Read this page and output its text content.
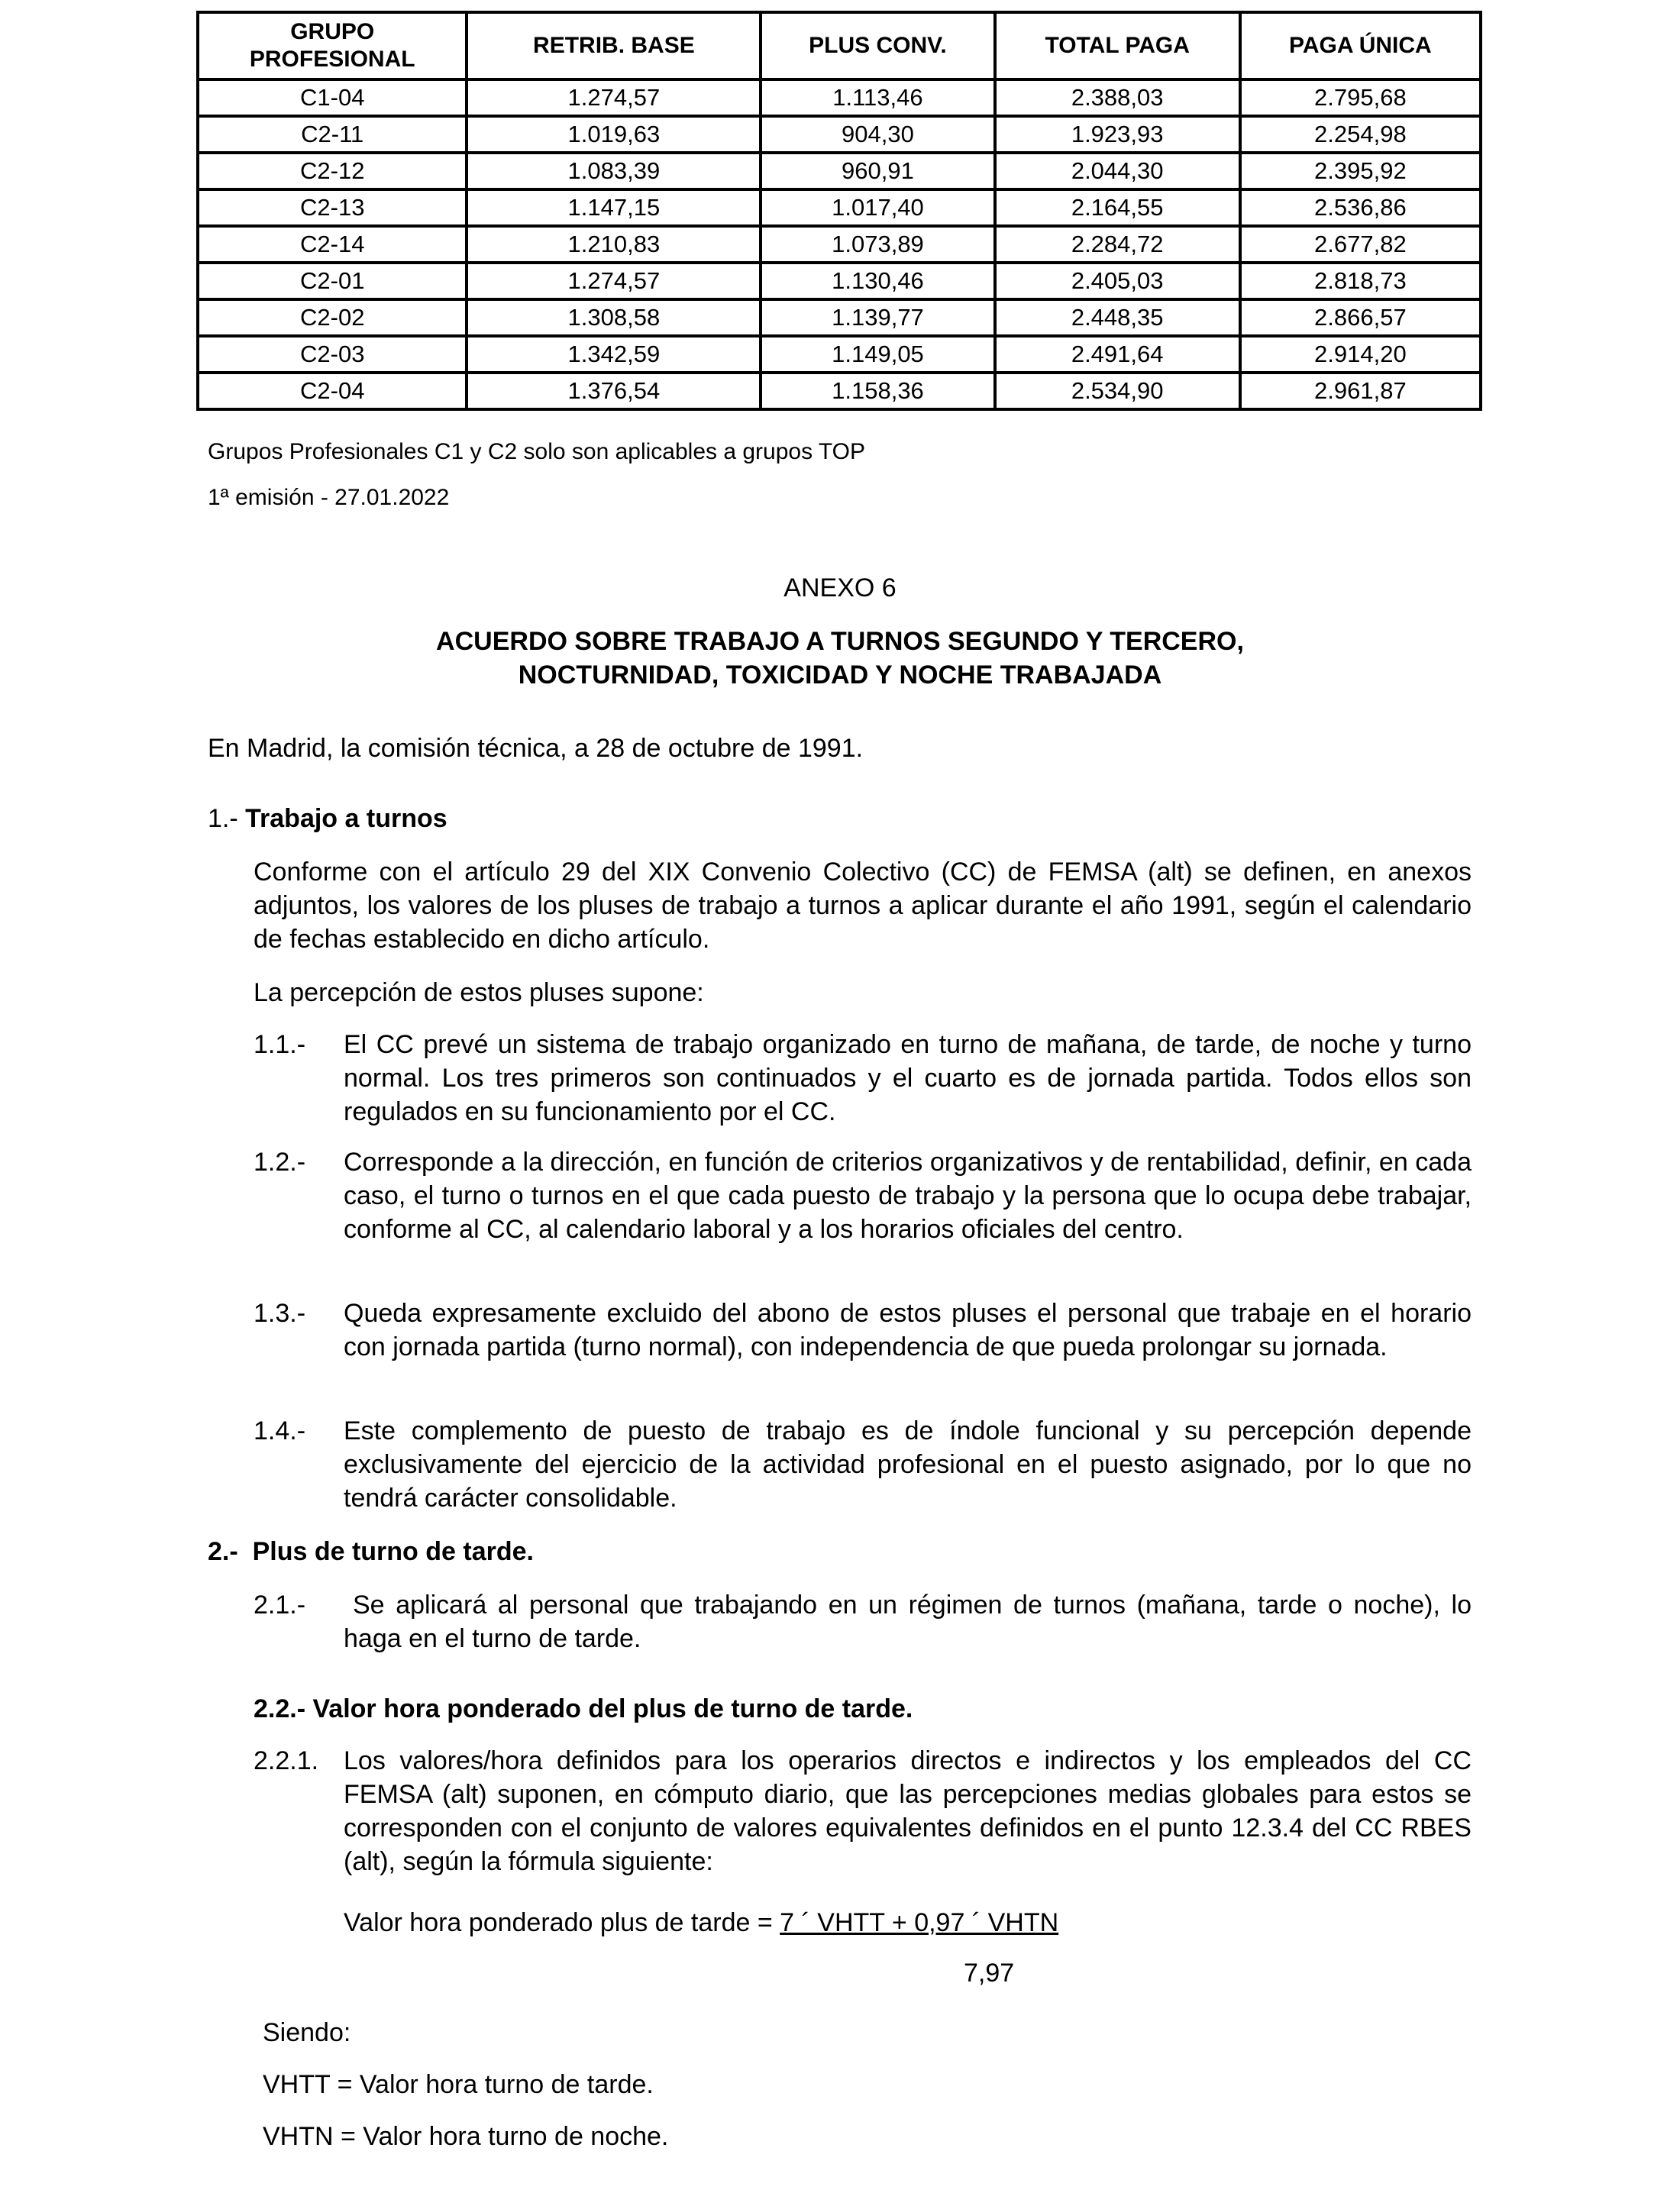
GRUPO
PROFESIONAL	RETRIB. BASE	PLUS CONV.	TOTAL PAGA	PAGA ÚNICA
C1-04	1.274,57	1.113,46	2.388,03	2.795,68
C2-11	1.019,63	904,30	1.923,93	2.254,98
C2-12	1.083,39	960,91	2.044,30	2.395,92
C2-13	1.147,15	1.017,40	2.164,55	2.536,86
C2-14	1.210,83	1.073,89	2.284,72	2.677,82
C2-01	1.274,57	1.130,46	2.405,03	2.818,73
C2-02	1.308,58	1.139,77	2.448,35	2.866,57
C2-03	1.342,59	1.149,05	2.491,64	2.914,20
C2-04	1.376,54	1.158,36	2.534,90	2.961,87
Grupos Profesionales C1 y C2 solo son aplicables a grupos TOP
1ª emisión - 27.01.2022
ANEXO 6
ACUERDO SOBRE TRABAJO A TURNOS SEGUNDO Y TERCERO,
NOCTURNIDAD, TOXICIDAD Y NOCHE TRABAJADA
En Madrid, la comisión técnica, a 28 de octubre de 1991.
1.- Trabajo a turnos
Conforme con el artículo 29 del XIX Convenio Colectivo (CC) de FEMSA (alt) se definen, en anexos adjuntos, los valores de los pluses de trabajo a turnos a aplicar durante el año 1991, según el calendario de fechas establecido en dicho artículo.
La percepción de estos pluses supone:
1.1.- El CC prevé un sistema de trabajo organizado en turno de mañana, de tarde, de noche y turno normal. Los tres primeros son continuados y el cuarto es de jornada partida. Todos ellos son regulados en su funcionamiento por el CC.
1.2.- Corresponde a la dirección, en función de criterios organizativos y de rentabilidad, definir, en cada caso, el turno o turnos en el que cada puesto de trabajo y la persona que lo ocupa debe trabajar, conforme al CC, al calendario laboral y a los horarios oficiales del centro.
1.3.- Queda expresamente excluido del abono de estos pluses el personal que trabaje en el horario con jornada partida (turno normal), con independencia de que pueda prolongar su jornada.
1.4.- Este complemento de puesto de trabajo es de índole funcional y su percepción depende exclusivamente del ejercicio de la actividad profesional en el puesto asignado, por lo que no tendrá carácter consolidable.
2.- Plus de turno de tarde.
2.1.-	Se aplicará al personal que trabajando en un régimen de turnos (mañana, tarde o noche), lo haga en el turno de tarde.
2.2.- Valor hora ponderado del plus de turno de tarde.
2.2.1. Los valores/hora definidos para los operarios directos e indirectos y los empleados del CC FEMSA (alt) suponen, en cómputo diario, que las percepciones medias globales para estos se corresponden con el conjunto de valores equivalentes definidos en el punto 12.3.4 del CC RBES (alt), según la fórmula siguiente:
Valor hora ponderado plus de tarde = 7 ´ VHTT + 0,97 ´ VHTN
7,97
Siendo:
VHTT = Valor hora turno de tarde.
VHTN = Valor hora turno de noche.
